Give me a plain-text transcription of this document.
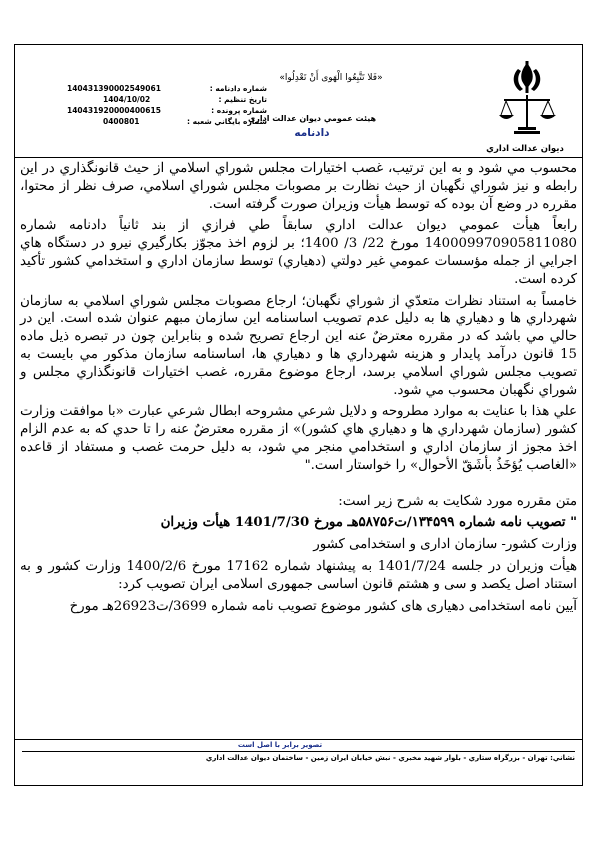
ديوان عدالت اداري
«فَلا تَتَّبِعُوا الْهَوى أَنْ تَعْدِلُوا»
هيئت عمومي ديوان عدالت اداري
دادنامه
140431390002549061	شماره دادنامه :
1404/10/02	تاريخ تنظيم :
140431920000400615	شماره پرونده :
0400801	شماره بايگاني شعبه :

محسوب مي شود و به اين ترتيب، غصب اختيارات مجلس شوراي اسلامي از حيث قانونگذاري در اين رابطه و نيز شوراي نگهبان از حيث نظارت بر مصوبات مجلس شوراي اسلامي، صرف نظر از محتوا، مقرره در وضع آن بوده كه توسط هيأت وزيران صورت گرفته است.

رابعاً هيأت عمومي ديوان عدالت اداري سابقاً طي فرازي از بند ثانياً دادنامه شماره 140009970905811080 مورخ 22/ 3/ 1400؛ بر لزوم اخذ مجوّز بكارگيري نيرو در دستگاه هاي اجرايي از جمله مؤسسات عمومي غير دولتي (دهياري) توسط سازمان اداري و استخدامي كشور تأكيد كرده است.

خامساً به استناد نظرات متعدّي از شوراي نگهبان؛ ارجاع مصوبات مجلس شوراي اسلامي به سازمان شهرداري ها و دهياري ها به دليل عدم تصويب اساسنامه اين سازمان مبهم عنوان شده است. اين در حالي مي باشد كه در مقرره معترضٌ عنه اين ارجاع تصريح شده و بنابراين چون در تبصره ذيل ماده 15 قانون درآمد پايدار و هزينه شهرداري ها و دهياري ها، اساسنامه سازمان مذكور مي بايست به تصويب مجلس شوراي اسلامي برسد، ارجاع موضوع مقرره، غصب اختيارات قانونگذاري مجلس و شوراي نگهبان محسوب مي شود.

علي هذا با عنايت به موارد مطروحه و دلايل شرعي مشروحه ابطال شرعي عبارت «با موافقت وزارت كشور (سازمان شهرداري ها و دهياري هاي كشور)» از مقرره معترضٌ عنه را تا حدي كه به عدم الزام اخذ مجوز از سازمان اداري و استخدامي منجر مي شود، به دليل حرمت غصب و مستفاد از قاعده «الغاصب يُؤخَذُ بأشَقّ الأحوال» را خواستار است."

متن مقرره مورد شكايت به شرح زير است:

" تصويب نامه شماره ۱۳۴۵۹۹/ت۵۸۷۵۶هـ مورخ 1401/7/30 هيأت وزيران

وزارت كشور- سازمان اداری و استخدامی كشور

هيأت وزيران در جلسه 1401/7/24 به پيشنهاد شماره 17162 مورخ 1400/2/6 وزارت كشور و به استناد اصل يكصد و سی و هشتم قانون اساسی جمهوری اسلامی ايران تصويب كرد:

آيين نامه استخدامی دهياری های كشور موضوع تصويب نامه شماره 3699/ت26923هـ مورخ

تصوير برابر با اصل است
نشاني: تهران - بزرگراه ستاري - بلوار شهيد مخبري - نبش خيابان ايران زمين - ساختمان ديوان عدالت اداري
